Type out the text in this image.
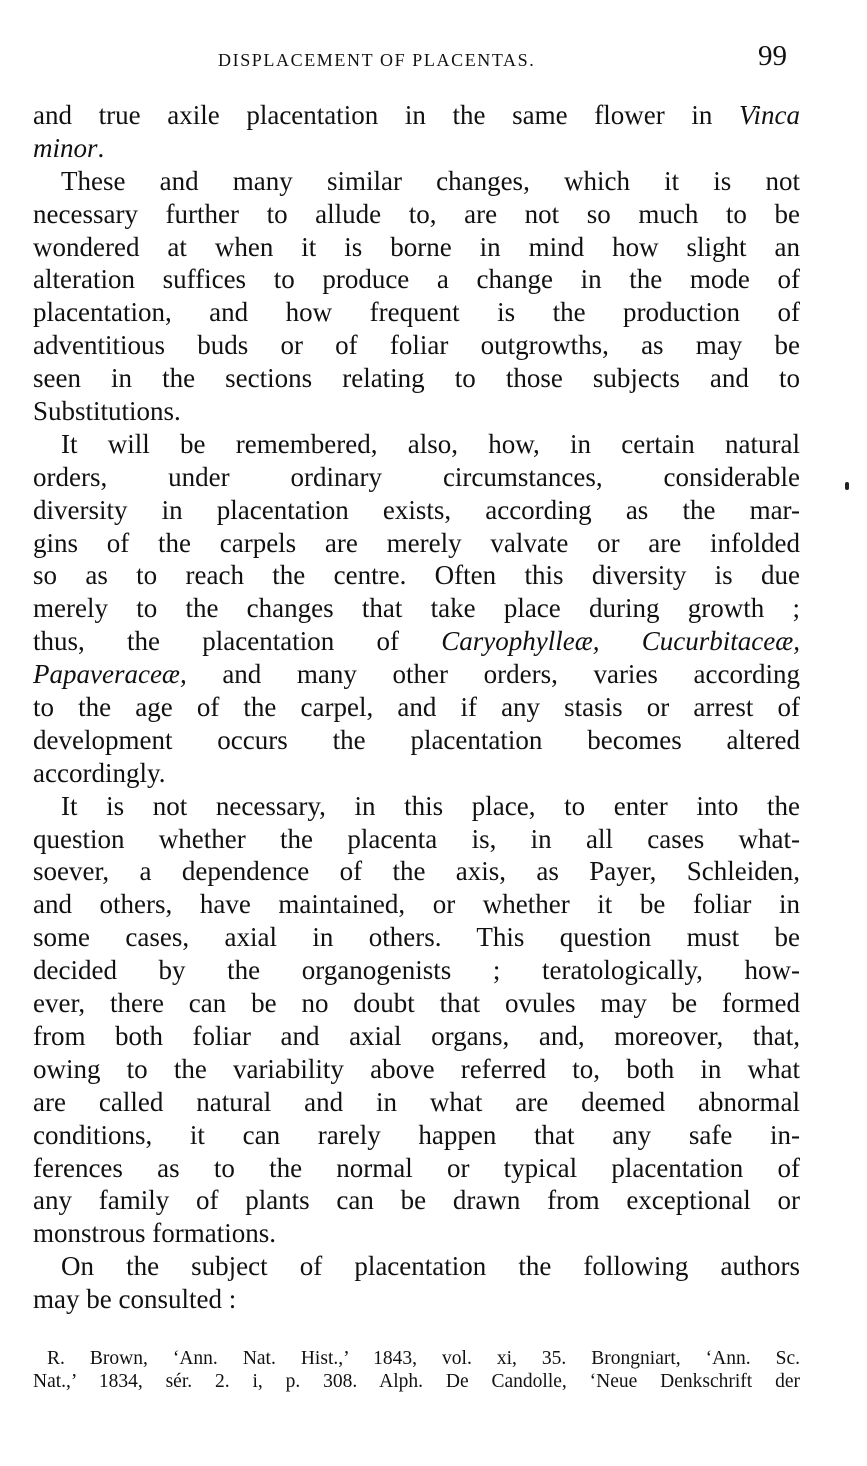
DISPLACEMENT OF PLACENTAS.	99
and true axile placentation in the same flower in Vinca
minor.
These and many similar changes, which it is not
necessary further to allude to, are not so much to be
wondered at when it is borne in mind how slight an
alteration suffices to produce a change in the mode of
placentation, and how frequent is the production of
adventitious buds or of foliar outgrowths, as may be
seen in the sections relating to those subjects and to
Substitutions.
It will be remembered, also, how, in certain natural
orders, under ordinary circumstances, considerable
diversity in placentation exists, according as the mar-
gins of the carpels are merely valvate or are infolded
so as to reach the centre. Often this diversity is due
merely to the changes that take place during growth ;
thus, the placentation of Caryophylleæ, Cucurbitaceæ,
Papaveraceæ, and many other orders, varies according
to the age of the carpel, and if any stasis or arrest of
development occurs the placentation becomes altered
accordingly.
It is not necessary, in this place, to enter into the
question whether the placenta is, in all cases what-
soever, a dependence of the axis, as Payer, Schleiden,
and others, have maintained, or whether it be foliar in
some cases, axial in others. This question must be
decided by the organogenists ; teratologically, how-
ever, there can be no doubt that ovules may be formed
from both foliar and axial organs, and, moreover, that,
owing to the variability above referred to, both in what
are called natural and in what are deemed abnormal
conditions, it can rarely happen that any safe in-
ferences as to the normal or typical placentation of
any family of plants can be drawn from exceptional or
monstrous formations.
On the subject of placentation the following authors
may be consulted :
R. Brown, ‘Ann. Nat. Hist.,’ 1843, vol. xi, 35. Brongniart, ‘Ann. Sc.
Nat.,’ 1834, sér. 2. i, p. 308. Alph. De Candolle, ‘Neue Denkschrift der
